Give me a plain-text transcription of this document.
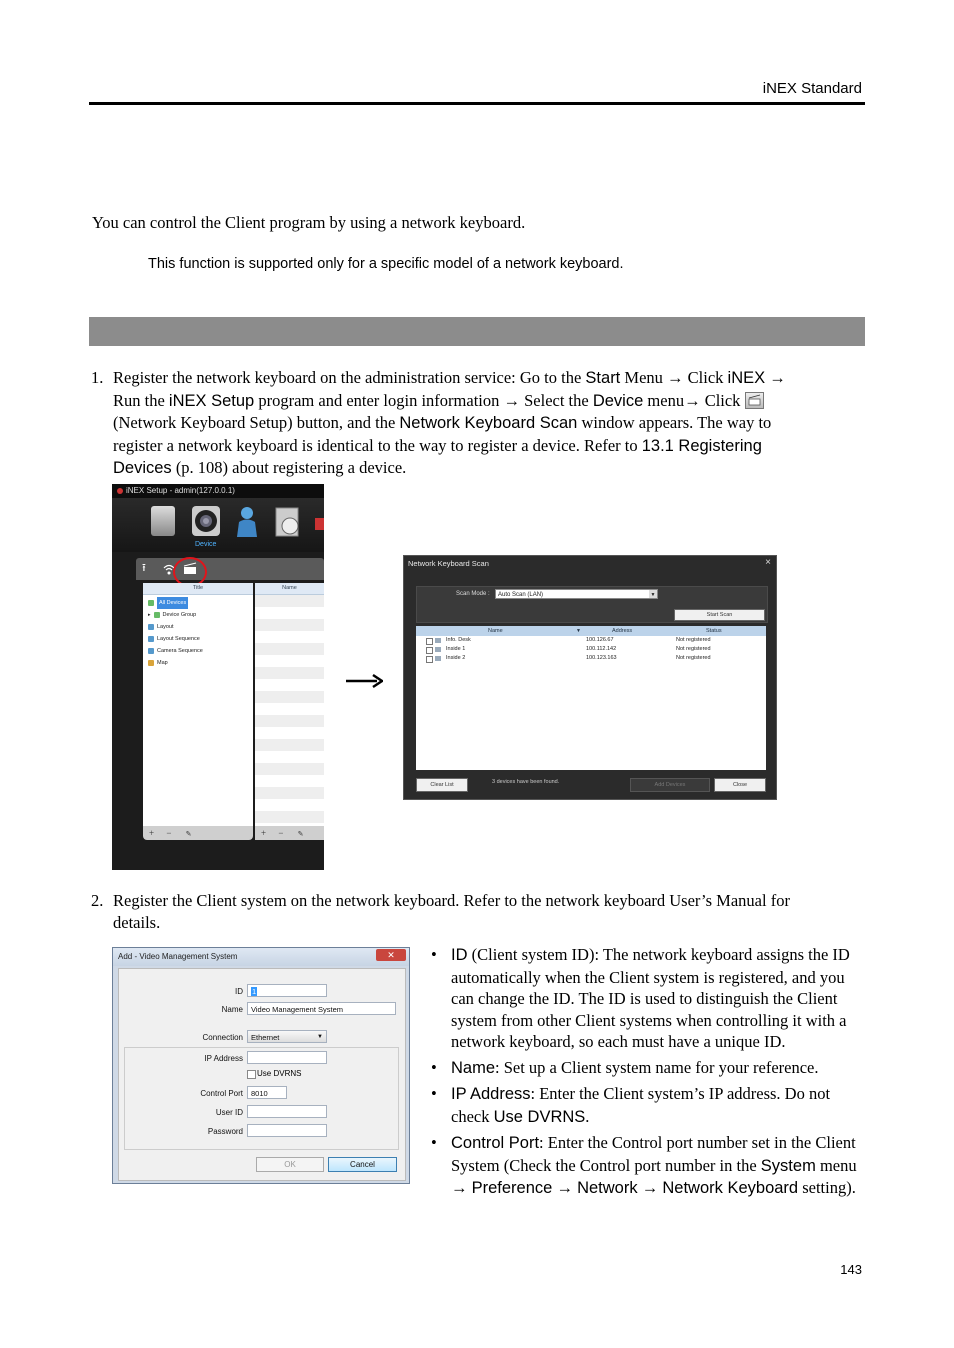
iNEX Standard
You can control the Client program by using a network keyboard.
This function is supported only for a specific model of a network keyboard.
1. Register the network keyboard on the administration service: Go to the Start Menu → Click iNEX →
Run the iNEX Setup program and enter login information → Select the Device menu→ Click
(Network Keyboard Setup) button, and the Network Keyboard Scan window appears. The way to
register a network keyboard is identical to the way to register a device. Refer to 13.1 Registering
Devices (p. 108) about registering a device.
iNEX Setup - admin(127.0.0.1)
Device
⭱
Title
All Devices
▸ Device Group
Layout
Layout Sequence
Camera Sequence
Map
+ − ✎
Name
+ − ✎
Network Keyboard Scan	×
Scan Mode :	Auto Scan (LAN)	▼
Start Scan
Name	▼	Address	Status
Info. Desk	100.126.67	Not registered
Inside 1	100.112.142	Not registered
Inside 2	100.123.163	Not registered
Clear List	3 devices have been found.	Add Devices	Close
2. Register the Client system on the network keyboard. Refer to the network keyboard User’s Manual for
details.
Add - Video Management System	✕
ID	1
Name	Video Management System
Connection	Ethernet	▼
IP Address
Use DVRNS
Control Port	8010
User ID
Password
OK	Cancel
• ID (Client system ID): The network keyboard assigns the ID automatically when the Client system is registered, and you can change the ID. The ID is used to distinguish the Client system from other Client systems when controlling it with a network keyboard, so each must have a unique ID.
• Name: Set up a Client system name for your reference.
• IP Address: Enter the Client system’s IP address. Do not check Use DVRNS.
• Control Port: Enter the Control port number set in the Client System (Check the Control port number in the System menu → Preference → Network → Network Keyboard setting).
143
